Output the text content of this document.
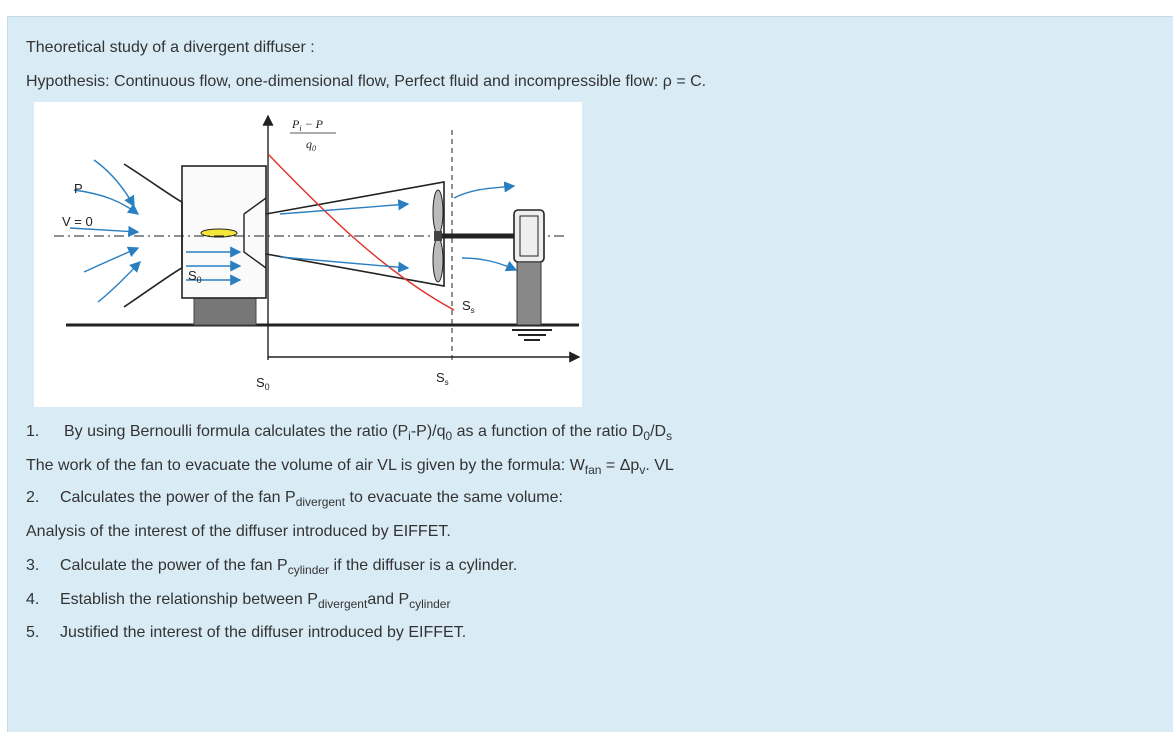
Theoretical study of a divergent diffuser :
Hypothesis: Continuous flow, one-dimensional flow, Perfect fluid and incompressible flow: ρ = C.
P
V = 0
$S_0$
$S_s$
$S_0$
$S_s$
$P_i - P$
$q_0$
1. By using Bernoulli formula calculates the ratio $(P_i-P)/q_0$ as a function of the ratio $D_0/D_s$
The work of the fan to evacuate the volume of air VL is given by the formula: $W_{fan} = \Delta p_v$. VL
2. Calculates the power of the fan $P_{divergent}$ to evacuate the same volume:
Analysis of the interest of the diffuser introduced by EIFFET.
3. Calculate the power of the fan $P_{cylinder}$ if the diffuser is a cylinder.
4. Establish the relationship between $P_{divergent}and$ $P_{cylinder}$
5. Justified the interest of the diffuser introduced by EIFFET.
